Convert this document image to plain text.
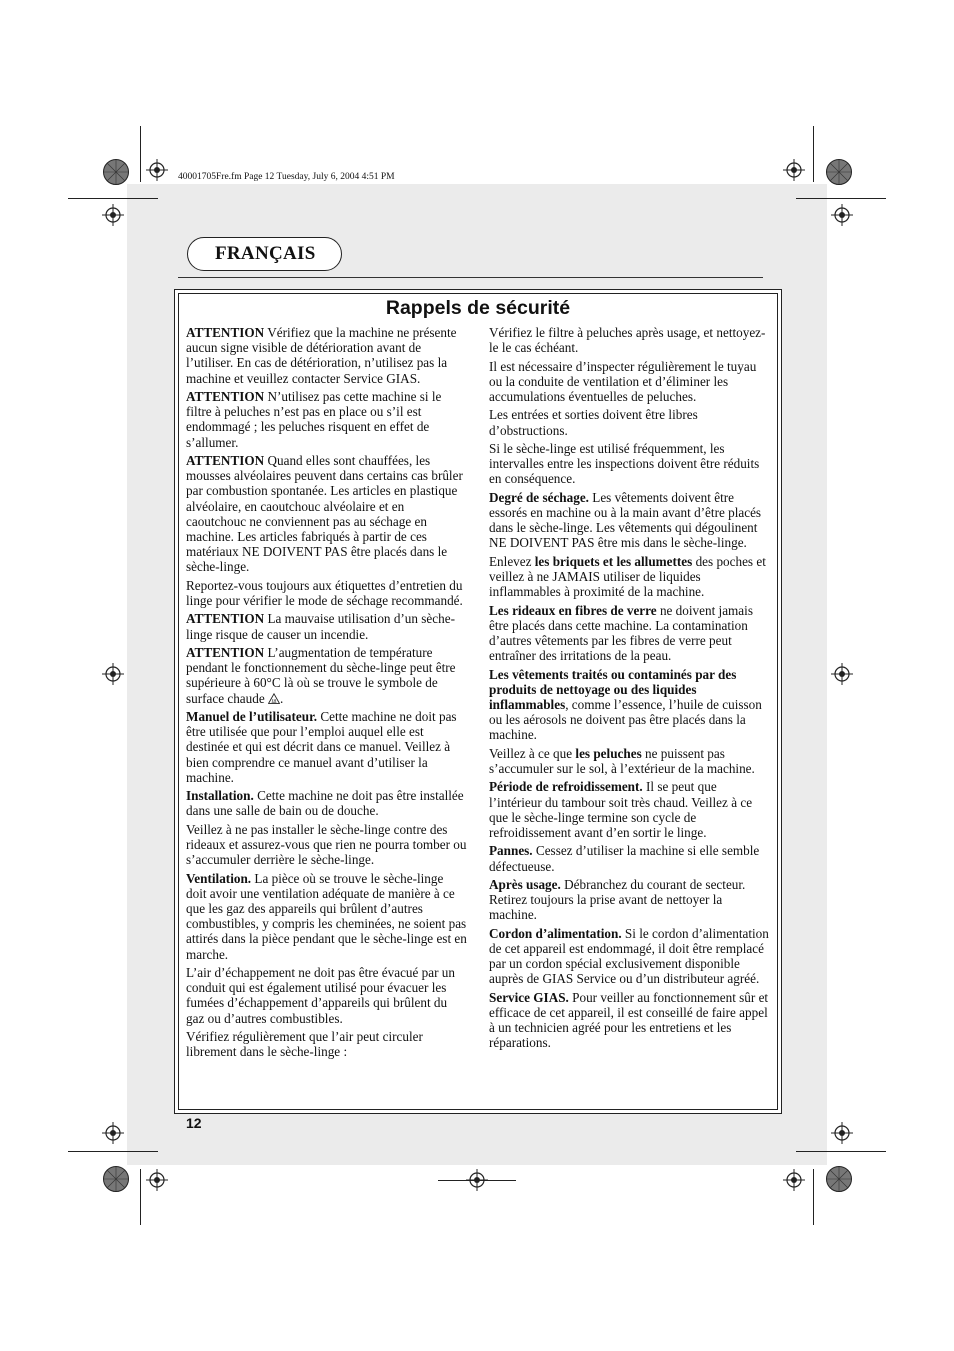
40001705Fre.fm Page 12 Tuesday, July 6, 2004 4:51 PM
FRANÇAIS
Rappels de sécurité

ATTENTION Vérifiez que la machine ne présente aucun signe visible de détérioration avant de l’utiliser. En cas de détérioration, n’utilisez pas la machine et veuillez contacter Service GIAS.

ATTENTION N’utilisez pas cette machine si le filtre à peluches n’est pas en place ou s’il est endommagé ; les peluches risquent en effet de s’allumer.

ATTENTION Quand elles sont chauffées, les mousses alvéolaires peuvent dans certains cas brûler par combustion spontanée. Les articles en plastique alvéolaire, en caoutchouc alvéolaire et en caoutchouc ne conviennent pas au séchage en machine. Les articles fabriqués à partir de ces matériaux NE DOIVENT PAS être placés dans le sèche-linge.

Reportez-vous toujours aux étiquettes d’entretien du linge pour vérifier le mode de séchage recommandé.

ATTENTION La mauvaise utilisation d’un sèche-linge risque de causer un incendie.

ATTENTION L’augmentation de température pendant le fonctionnement du sèche-linge peut être supérieure à 60°C là où se trouve le symbole de surface chaude .

Manuel de l’utilisateur. Cette machine ne doit pas être utilisée que pour l’emploi auquel elle est destinée et qui est décrit dans ce manuel. Veillez à bien comprendre ce manuel avant d’utiliser la machine.

Installation. Cette machine ne doit pas être installée dans une salle de bain ou de douche.

Veillez à ne pas installer le sèche-linge contre des rideaux et assurez-vous que rien ne pourra tomber ou s’accumuler derrière le sèche-linge.

Ventilation. La pièce où se trouve le sèche-linge doit avoir une ventilation adéquate de manière à ce que les gaz des appareils qui brûlent d’autres combustibles, y compris les cheminées, ne soient pas attirés dans la pièce pendant que le sèche-linge est en marche.

L’air d’échappement ne doit pas être évacué par un conduit qui est également utilisé pour évacuer les fumées d’échappement d’appareils qui brûlent du gaz ou d’autres combustibles.

Vérifiez régulièrement que l’air peut circuler librement dans le sèche-linge :

Vérifiez le filtre à peluches après usage, et nettoyez-le le cas échéant.

Il est nécessaire d’inspecter régulièrement le tuyau ou la conduite de ventilation et d’éliminer les accumulations éventuelles de peluches.

Les entrées et sorties doivent être libres d’obstructions.

Si le sèche-linge est utilisé fréquemment, les intervalles entre les inspections doivent être réduits en conséquence.

Degré de séchage. Les vêtements doivent être essorés en machine ou à la main avant d’être placés dans le sèche-linge. Les vêtements qui dégoulinent NE DOIVENT PAS être mis dans le sèche-linge.

Enlevez les briquets et les allumettes des poches et veillez à ne JAMAIS utiliser de liquides inflammables à proximité de la machine.

Les rideaux en fibres de verre ne doivent jamais être placés dans cette machine. La contamination d’autres vêtements par les fibres de verre peut entraîner des irritations de la peau.

Les vêtements traités ou contaminés par des produits de nettoyage ou des liquides inflammables, comme l’essence, l’huile de cuisson ou les aérosols ne doivent pas être placés dans la machine.

Veillez à ce que les peluches ne puissent pas s’accumuler sur le sol, à l’extérieur de la machine.

Période de refroidissement. Il se peut que l’intérieur du tambour soit très chaud. Veillez à ce que le sèche-linge termine son cycle de refroidissement avant d’en sortir le linge.

Pannes. Cessez d’utiliser la machine si elle semble défectueuse.

Après usage. Débranchez du courant de secteur. Retirez toujours la prise avant de nettoyer la machine.

Cordon d’alimentation. Si le cordon d’alimentation de cet appareil est endommagé, il doit être remplacé par un cordon spécial exclusivement disponible auprès de GIAS Service ou d’un distributeur agréé.

Service GIAS. Pour veiller au fonctionnement sûr et efficace de cet appareil, il est conseillé de faire appel à un technicien agréé pour les entretiens et les réparations.

12
